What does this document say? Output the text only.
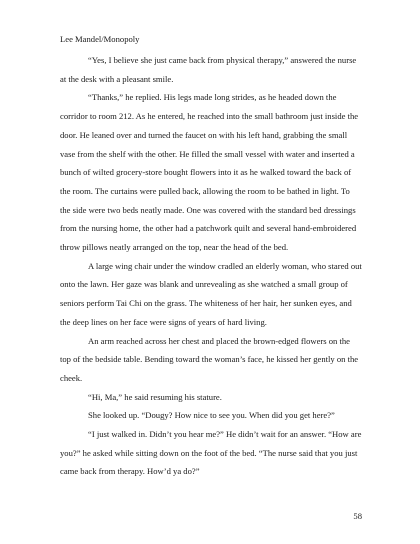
Lee Mandel/Monopoly

“Yes, I believe she just came back from physical therapy,” answered the nurse at the desk with a pleasant smile.

“Thanks,” he replied. His legs made long strides, as he headed down the corridor to room 212. As he entered, he reached into the small bathroom just inside the door. He leaned over and turned the faucet on with his left hand, grabbing the small vase from the shelf with the other. He filled the small vessel with water and inserted a bunch of wilted grocery-store bought flowers into it as he walked toward the back of the room. The curtains were pulled back, allowing the room to be bathed in light. To the side were two beds neatly made. One was covered with the standard bed dressings from the nursing home, the other had a patchwork quilt and several hand-embroidered throw pillows neatly arranged on the top, near the head of the bed.

A large wing chair under the window cradled an elderly woman, who stared out onto the lawn. Her gaze was blank and unrevealing as she watched a small group of seniors perform Tai Chi on the grass. The whiteness of her hair, her sunken eyes, and the deep lines on her face were signs of years of hard living.

An arm reached across her chest and placed the brown-edged flowers on the top of the bedside table. Bending toward the woman’s face, he kissed her gently on the cheek.

“Hi, Ma,” he said resuming his stature.

She looked up. “Dougy? How nice to see you. When did you get here?”

“I just walked in. Didn’t you hear me?” He didn’t wait for an answer. “How are you?” he asked while sitting down on the foot of the bed. “The nurse said that you just came back from therapy. How’d ya do?”

58
